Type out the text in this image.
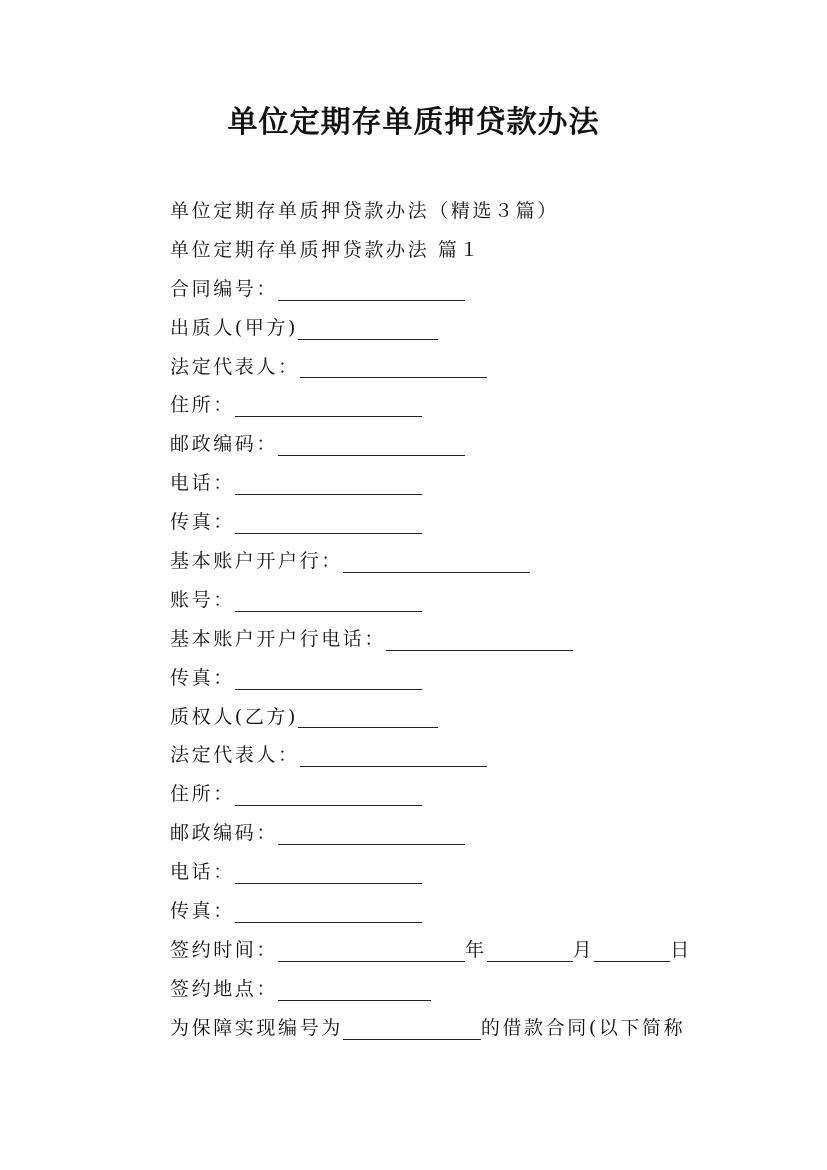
单位定期存单质押贷款办法
单位定期存单质押贷款办法（精选３篇）
单位定期存单质押贷款办法 篇１
合同编号：
出质人(甲方)
法定代表人：
住所：
邮政编码：
电话：
传真：
基本账户开户行：
账号：
基本账户开户行电话：
传真：
质权人(乙方)
法定代表人：
住所：
邮政编码：
电话：
传真：
签约时间：	年	月	日
签约地点：
为保障实现编号为	的借款合同(以下简称
